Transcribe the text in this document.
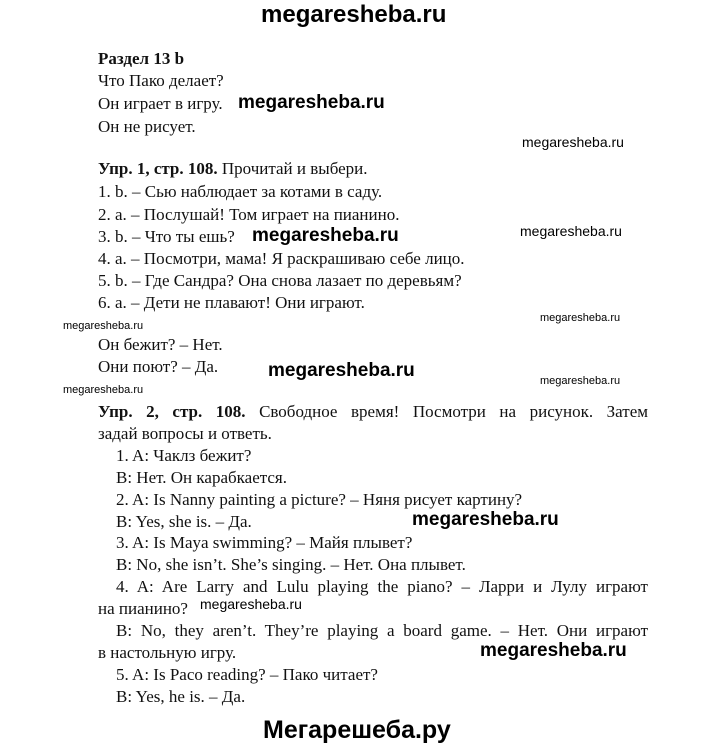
megaresheba.ru
Раздел 13 b
Что Пако делает?
Он играет в игру.
Он не рисует.
megaresheba.ru
megaresheba.ru
Упр. 1, стр. 108. Прочитай и выбери.
1. b. – Сью наблюдает за котами в саду.
2. a. – Послушай! Том играет на пианино.
3. b. – Что ты ешь?
4. a. – Посмотри, мама! Я раскрашиваю себе лицо.
5. b. – Где Сандра? Она снова лазает по деревьям?
6. a. – Дети не плавают! Они играют.
megaresheba.ru	megaresheba.ru
megaresheba.ru
megaresheba.ru
Он бежит? – Нет.
Они поют? – Да.	megaresheba.ru
megaresheba.ru
megaresheba.ru
Упр. 2, стр. 108. Свободное время! Посмотри на рисунок. Затем
задай вопросы и ответь.
1. A: Чаклз бежит?
B: Нет. Он карабкается.
2. A: Is Nanny painting a picture? – Няня рисует картину?
B: Yes, she is. – Да.
3. A: Is Maya swimming? – Майя плывет?
B: No, she isn’t. She’s singing. – Нет. Она плывет.
4. A: Are Larry and Lulu playing the piano? – Ларри и Лулу играют
на пианино?
B: No, they aren’t. They’re playing a board game. – Нет. Они играют
в настольную игру.
5. A: Is Paco reading? – Пако читает?
B: Yes, he is. – Да.
megaresheba.ru
megaresheba.ru
megaresheba.ru
Мегарешеба.ру
